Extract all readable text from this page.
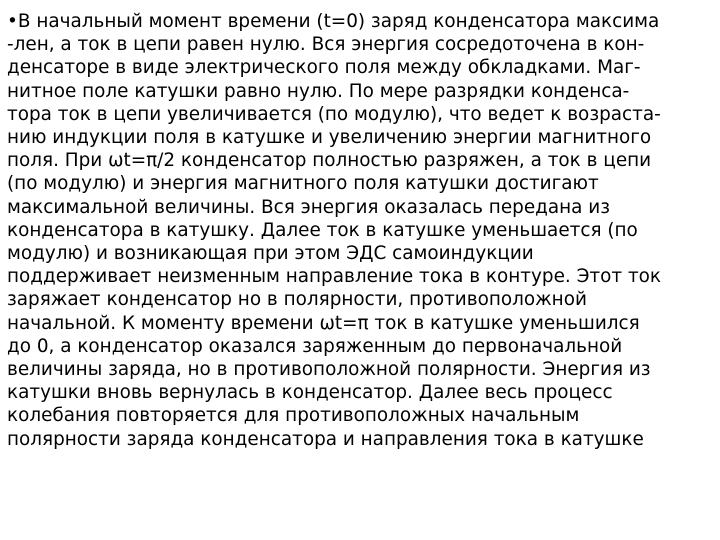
•В начальный момент времени (t=0) заряд конденсатора максима
-лен, а ток в цепи равен нулю. Вся энергия сосредоточена в кон-
денсаторе в виде электрического поля между обкладками. Маг-
нитное поле катушки равно нулю. По мере разрядки конденса-
тора ток в цепи увеличивается (по модулю), что ведет к возраста-
нию индукции поля в катушке и увеличению энергии магнитного
поля. При ωt=π/2 конденсатор полностью разряжен, а ток в цепи
(по модулю) и энергия магнитного поля катушки достигают
максимальной величины. Вся энергия оказалась передана из
конденсатора в катушку. Далее ток в катушке уменьшается (по
модулю) и возникающая при этом ЭДС самоиндукции
поддерживает неизменным направление тока в контуре. Этот ток
заряжает конденсатор но в полярности, противоположной
начальной. К моменту времени ωt=π ток в катушке уменьшился
до 0, а конденсатор оказался заряженным до первоначальной
величины заряда, но в противоположной полярности. Энергия из
катушки вновь вернулась в конденсатор. Далее весь процесс
колебания повторяется для противоположных начальным
полярности заряда конденсатора и направления тока в катушке
